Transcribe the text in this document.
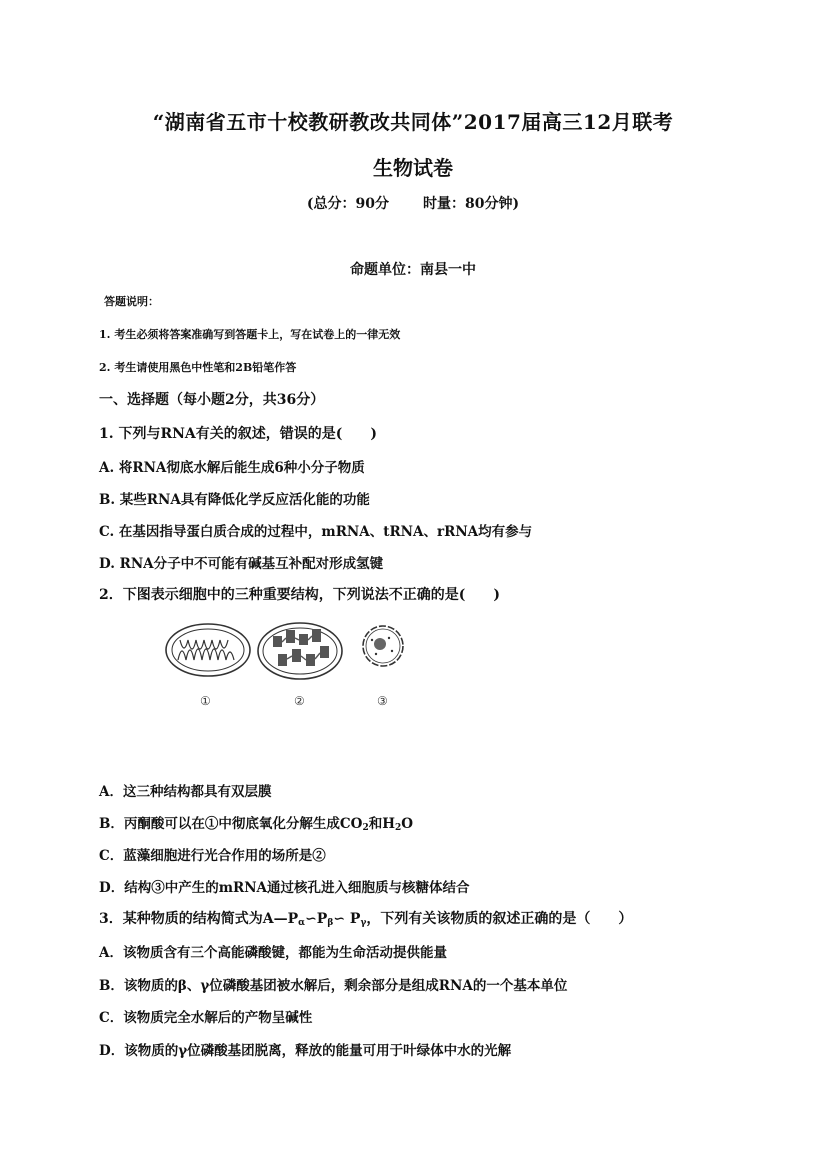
“湖南省五市十校教研教改共同体”2017届高三12月联考
生物试卷
(总分：90分 时量：80分钟)
命题单位：南县一中
答题说明：
1. 考生必须将答案准确写到答题卡上，写在试卷上的一律无效
2. 考生请使用黑色中性笔和2B铅笔作答
一、选择题（每小题2分，共36分）
1. 下列与RNA有关的叙述，错误的是(　　)
A. 将RNA彻底水解后能生成6种小分子物质
B. 某些RNA具有降低化学反应活化能的功能
C. 在基因指导蛋白质合成的过程中，mRNA、tRNA、rRNA均有参与
D. RNA分子中不可能有碱基互补配对形成氢键
2．下图表示细胞中的三种重要结构，下列说法不正确的是(　　)
①	②	③
A．这三种结构都具有双层膜
B．丙酮酸可以在①中彻底氧化分解生成$CO_2$和$H_2O$
C．蓝藻细胞进行光合作用的场所是②
D．结构③中产生的mRNA通过核孔进入细胞质与核糖体结合
3．某种物质的结构简式为$A—P_\alpha∽P_\beta∽$ $P_\gamma$，下列有关该物质的叙述正确的是（　　）
A．该物质含有三个高能磷酸键，都能为生命活动提供能量
B．该物质的β、γ位磷酸基团被水解后，剩余部分是组成RNA的一个基本单位
C．该物质完全水解后的产物呈碱性
D．该物质的γ位磷酸基团脱离，释放的能量可用于叶绿体中水的光解
